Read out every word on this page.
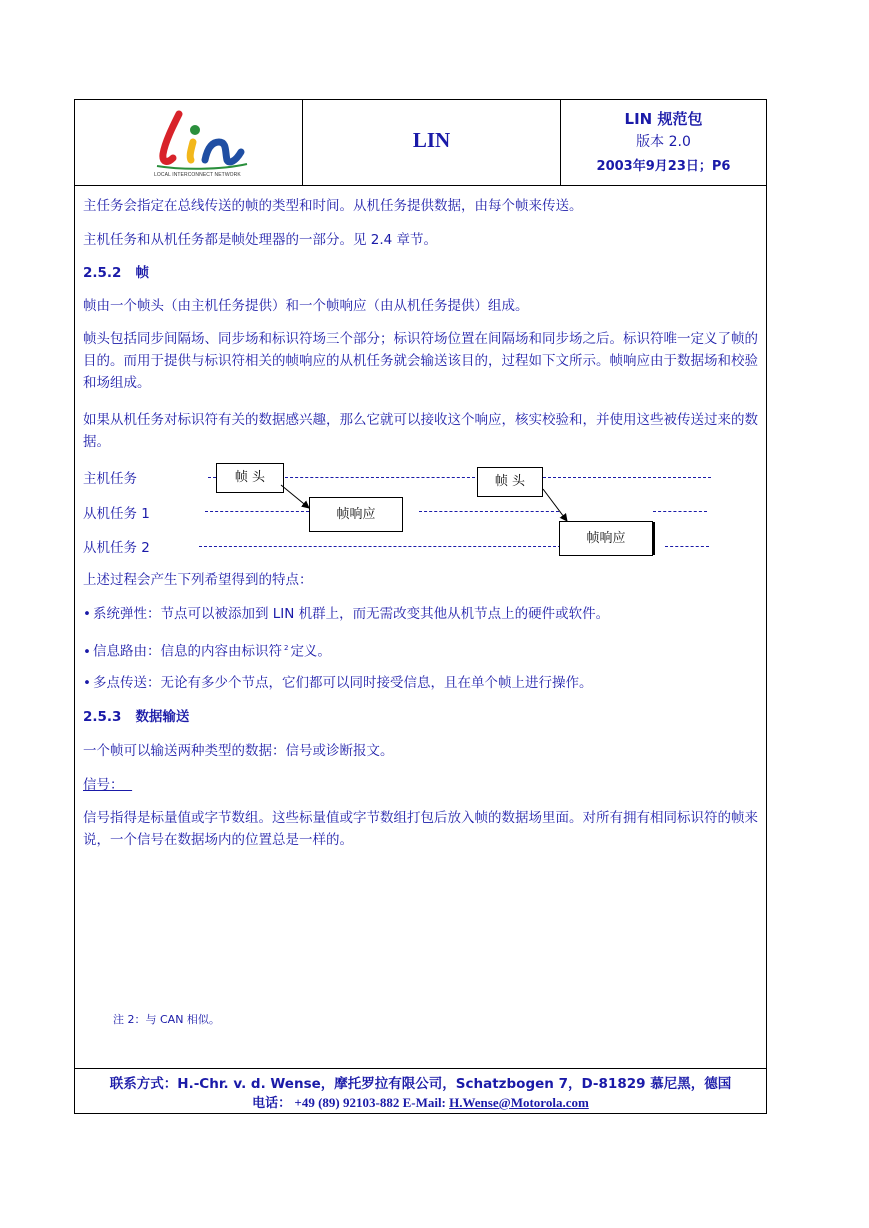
LOCAL INTERCONNECT NETWORK
LIN
LIN 规范包
版本 2.0
2003年9月23日；P6

主任务会指定在总线传送的帧的类型和时间。从机任务提供数据，由每个帧来传送。

主机任务和从机任务都是帧处理器的一部分。见 2.4 章节。

2.5.2 帧

帧由一个帧头（由主机任务提供）和一个帧响应（由从机任务提供）组成。

帧头包括同步间隔场、同步场和标识符场三个部分；标识符场位置在间隔场和同步场之后。标识符唯一定义了帧的目的。而用于提供与标识符相关的帧响应的从机任务就会输送该目的，过程如下文所示。帧响应由于数据场和校验和场组成。

如果从机任务对标识符有关的数据感兴趣，那么它就可以接收这个响应，核实校验和，并使用这些被传送过来的数据。

主机任务
从机任务 1
从机任务 2
帧 头	帧 头
帧响应
帧响应

上述过程会产生下列希望得到的特点：

• 系统弹性：节点可以被添加到 LIN 机群上，而无需改变其他从机节点上的硬件或软件。

• 信息路由：信息的内容由标识符 $^2$ 定义。

• 多点传送：无论有多少个节点，它们都可以同时接受信息，且在单个帧上进行操作。

2.5.3 数据输送

一个帧可以输送两种类型的数据：信号或诊断报文。

信号：

信号指得是标量值或字节数组。这些标量值或字节数组打包后放入帧的数据场里面。对所有拥有相同标识符的帧来说，一个信号在数据场内的位置总是一样的。

注 2：与 CAN 相似。
联系方式：H.-Chr. v. d. Wense，摩托罗拉有限公司，Schatzbogen 7，D-81829 慕尼黑，德国
电话： +49 (89) 92103-882 E-Mail: H.Wense@Motorola.com
